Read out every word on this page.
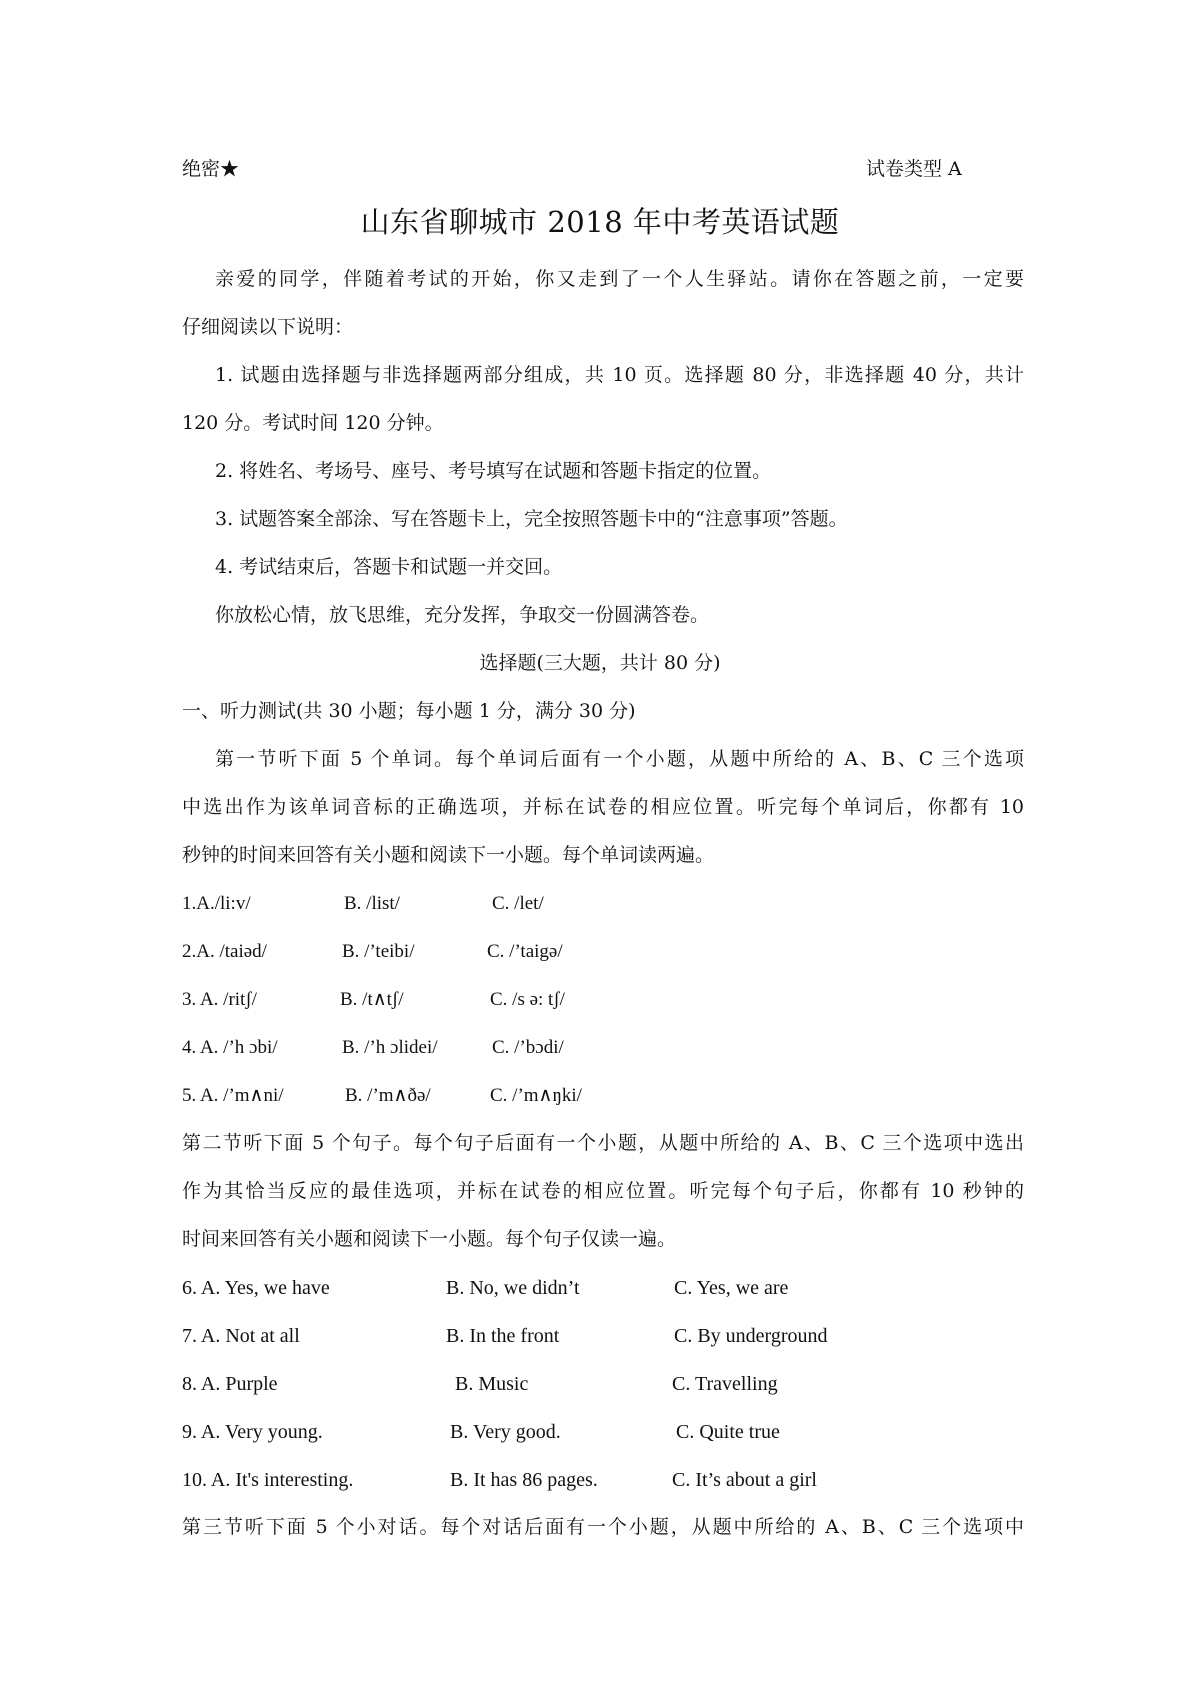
绝密★	试卷类型 A
山东省聊城市 2018 年中考英语试题
亲爱的同学，伴随着考试的开始，你又走到了一个人生驿站。请你在答题之前，一定要
仔细阅读以下说明：
1. 试题由选择题与非选择题两部分组成，共 10 页。选择题 80 分，非选择题 40 分，共计
120 分。考试时间 120 分钟。
2. 将姓名、考场号、座号、考号填写在试题和答题卡指定的位置。
3. 试题答案全部涂、写在答题卡上，完全按照答题卡中的“注意事项”答题。
4. 考试结束后，答题卡和试题一并交回。
你放松心情，放飞思维，充分发挥，争取交一份圆满答卷。
选择题(三大题，共计 80 分)
一、听力测试(共 30 小题；每小题 1 分，满分 30 分)
第一节听下面 5 个单词。每个单词后面有一个小题，从题中所给的 A、B、C 三个选项
中选出作为该单词音标的正确选项，并标在试卷的相应位置。听完每个单词后，你都有 10
秒钟的时间来回答有关小题和阅读下一小题。每个单词读两遍。
1.A./li:v/	B. /list/	C. /let/
2.A. /taiəd/	B. /’teibi/	C. /’taigə/
3. A. /ritʃ/	B. /t∧tʃ/	C. /s ə: tʃ/
4. A. /’h ɔbi/	B. /’h ɔlidei/	C. /’bɔdi/
5. A. /’m∧ni/	B. /’m∧ðə/	C. /’m∧ŋki/
第二节听下面 5 个句子。每个句子后面有一个小题，从题中所给的 A、B、C 三个选项中选出
作为其恰当反应的最佳选项，并标在试卷的相应位置。听完每个句子后，你都有 10 秒钟的
时间来回答有关小题和阅读下一小题。每个句子仅读一遍。
6. A. Yes, we have	B. No, we didn’t	C. Yes, we are
7. A. Not at all	B. In the front	C. By underground
8. A. Purple	B. Music	C. Travelling
9. A. Very young.	B. Very good.	C. Quite true
10. A. It's interesting.	B. It has 86 pages.	C. It’s about a girl
第三节听下面 5 个小对话。每个对话后面有一个小题，从题中所给的 A、B、C 三个选项中
